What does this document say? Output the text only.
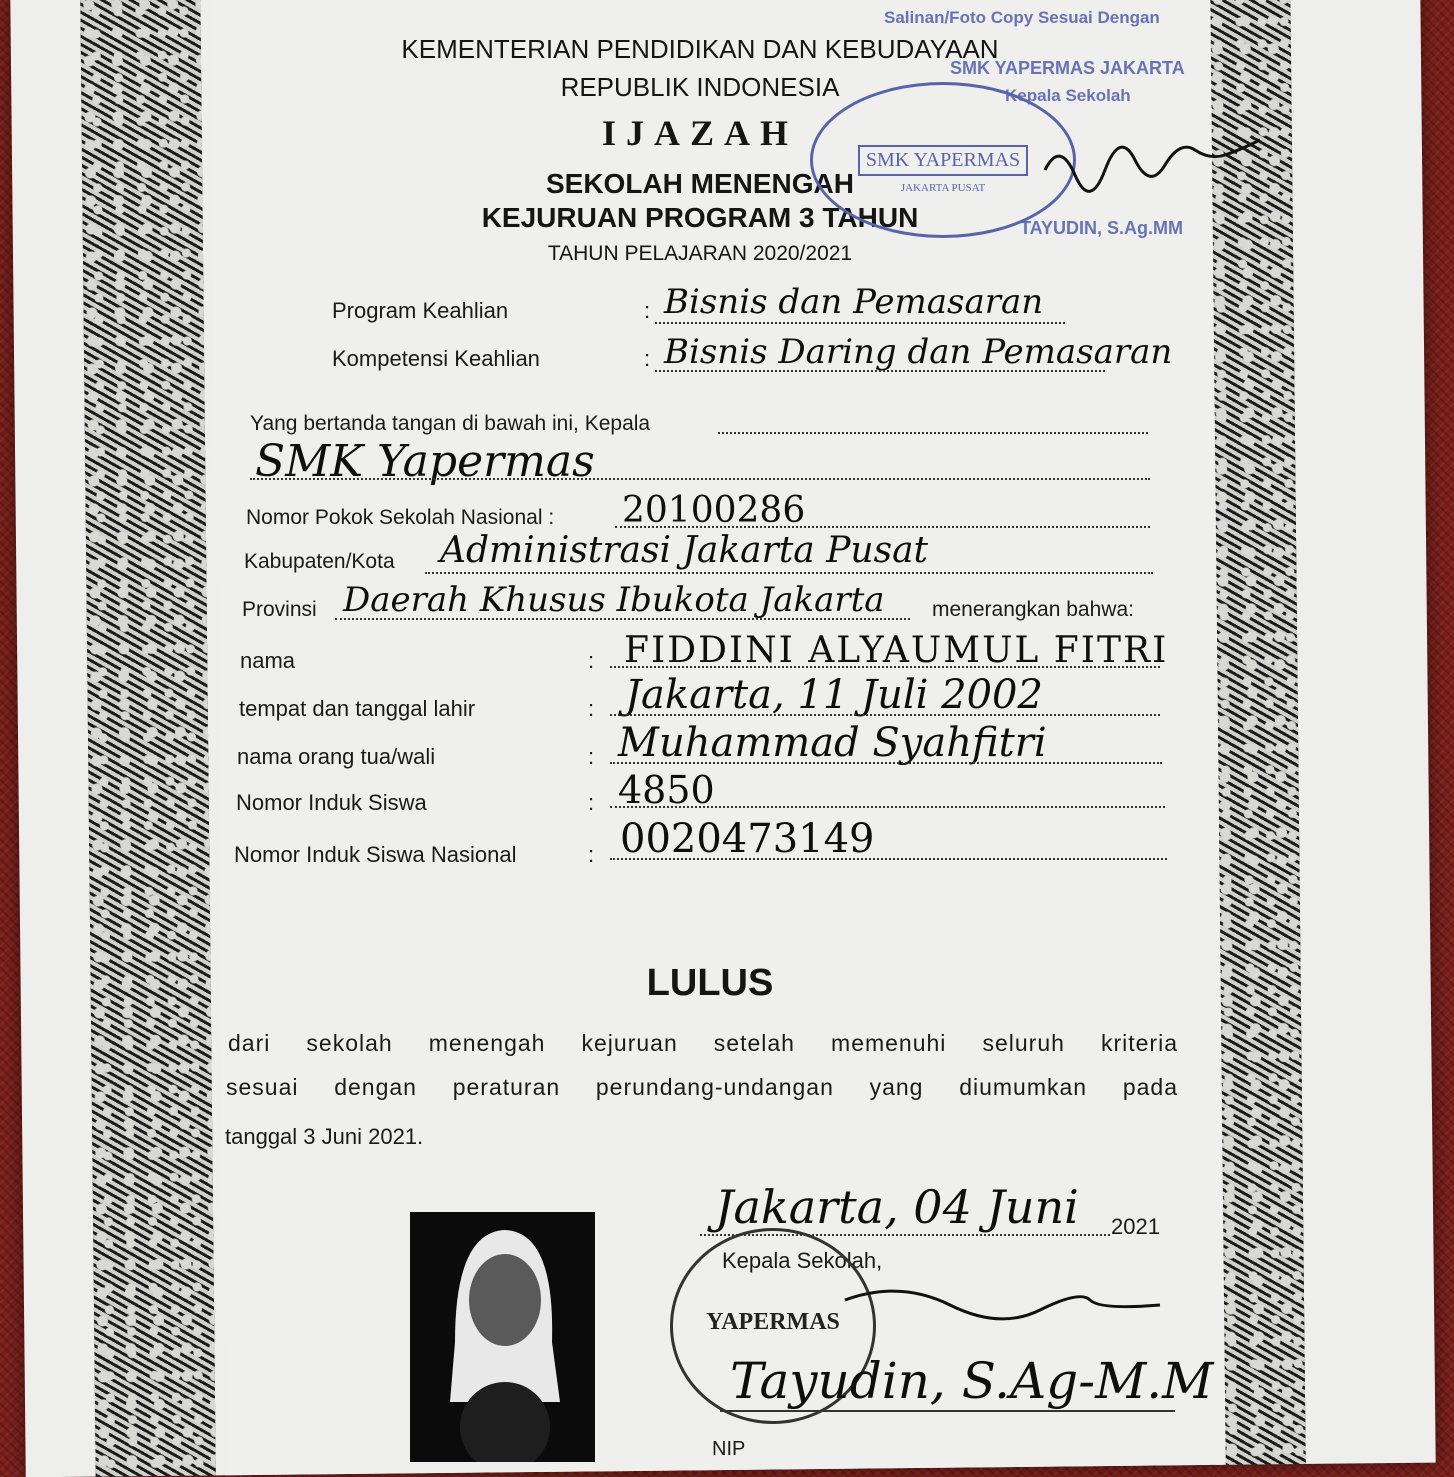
KEMENTERIAN PENDIDIKAN DAN KEBUDAYAAN
REPUBLIK INDONESIA
IJAZAH
SEKOLAH MENENGAH
KEJURUAN PROGRAM 3 TAHUN
TAHUN PELAJARAN 2020/2021
Salinan/Foto Copy Sesuai Dengan
SMK YAPERMAS JAKARTA
Kepala Sekolah
TAYUDIN, S.Ag.MM
SMK YAPERMAS
JAKARTA PUSAT
Program Keahlian	: Bisnis dan Pemasaran
Kompetensi Keahlian	: Bisnis Daring dan Pemasaran
Yang bertanda tangan di bawah ini, Kepala
SMK Yapermas
Nomor Pokok Sekolah Nasional : 20100286
Kabupaten/Kota Administrasi Jakarta Pusat
Provinsi Daerah Khusus Ibukota Jakarta menerangkan bahwa:
nama	: FIDDINI ALYAUMUL FITRI
tempat dan tanggal lahir	: Jakarta, 11 Juli 2002
nama orang tua/wali	: Muhammad Syahfitri
Nomor Induk Siswa	: 4850
Nomor Induk Siswa Nasional	: 0020473149
LULUS
dari sekolah menengah kejuruan setelah memenuhi seluruh kriteria
sesuai dengan peraturan perundang-undangan yang diumumkan pada
tanggal 3 Juni 2021.
Jakarta, 04 Juni 2021
Kepala Sekolah,
YAPERMAS
Tayudin, S.Ag-M.M
NIP
